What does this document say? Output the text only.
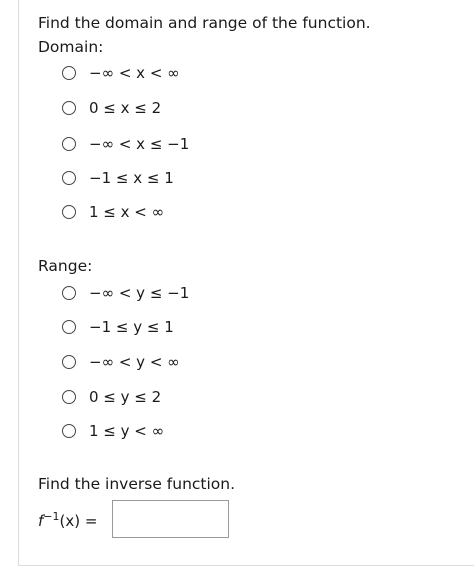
Find the domain and range of the function.
Domain:
−∞ < x < ∞
0 ≤ x ≤ 2
−∞ < x ≤ −1
−1 ≤ x ≤ 1
1 ≤ x < ∞
Range:
−∞ < y ≤ −1
−1 ≤ y ≤ 1
−∞ < y < ∞
0 ≤ y ≤ 2
1 ≤ y < ∞
Find the inverse function.
$f^{-1}(x)$ =
